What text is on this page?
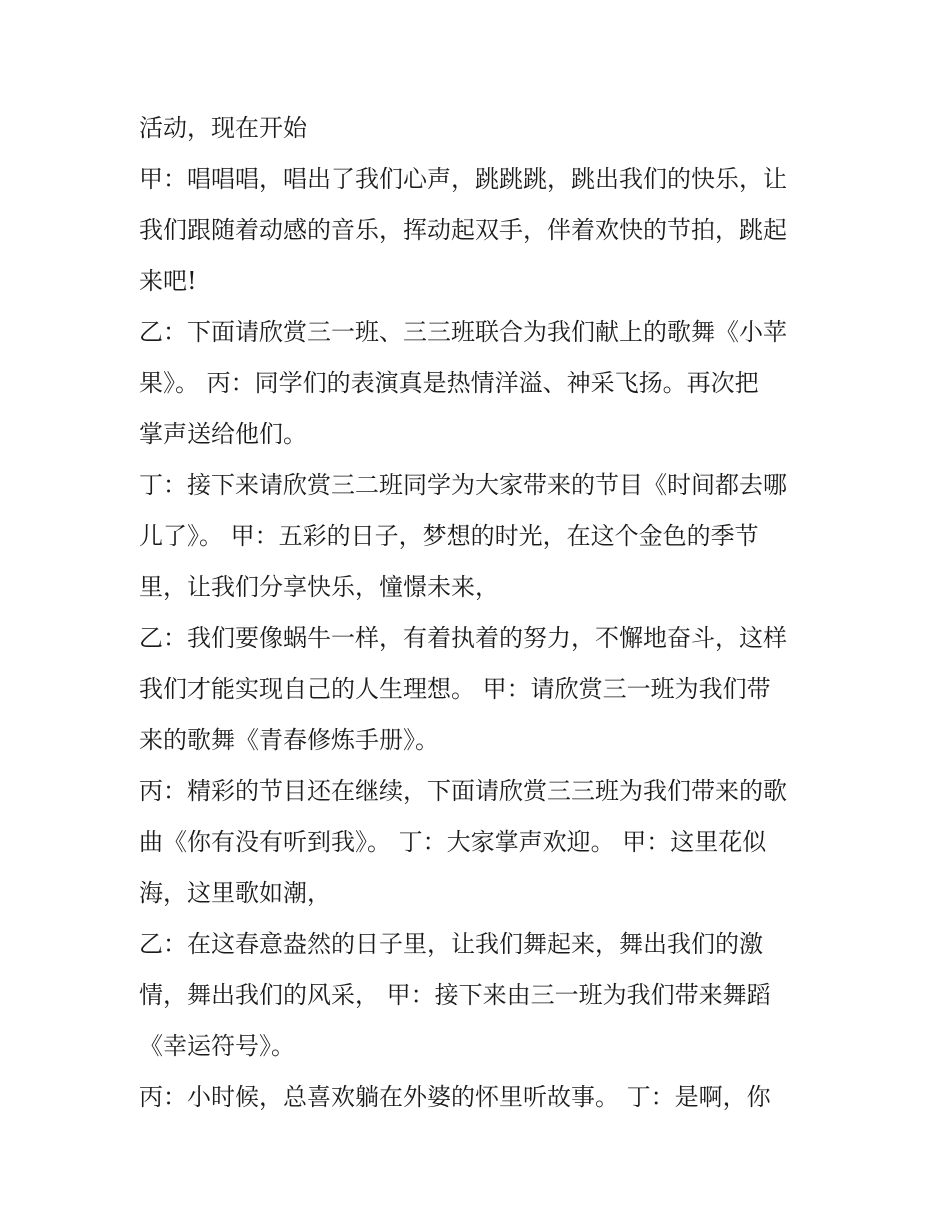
活动，现在开始
甲：唱唱唱，唱出了我们心声，跳跳跳，跳出我们的快乐，让
我们跟随着动感的音乐，挥动起双手，伴着欢快的节拍，跳起
来吧!
乙：下面请欣赏三一班、三三班联合为我们献上的歌舞《小苹
果》。 丙：同学们的表演真是热情洋溢、神采飞扬。再次把
掌声送给他们。
丁：接下来请欣赏三二班同学为大家带来的节目《时间都去哪
儿了》。 甲：五彩的日子，梦想的时光，在这个金色的季节
里，让我们分享快乐，憧憬未来，
乙：我们要像蜗牛一样，有着执着的努力，不懈地奋斗，这样
我们才能实现自己的人生理想。 甲：请欣赏三一班为我们带
来的歌舞《青春修炼手册》。
丙：精彩的节目还在继续，下面请欣赏三三班为我们带来的歌
曲《你有没有听到我》。 丁：大家掌声欢迎。 甲：这里花似
海，这里歌如潮，
乙：在这春意盎然的日子里，让我们舞起来，舞出我们的激
情，舞出我们的风采， 甲：接下来由三一班为我们带来舞蹈
《幸运符号》。
丙：小时候，总喜欢躺在外婆的怀里听故事。 丁：是啊，你
